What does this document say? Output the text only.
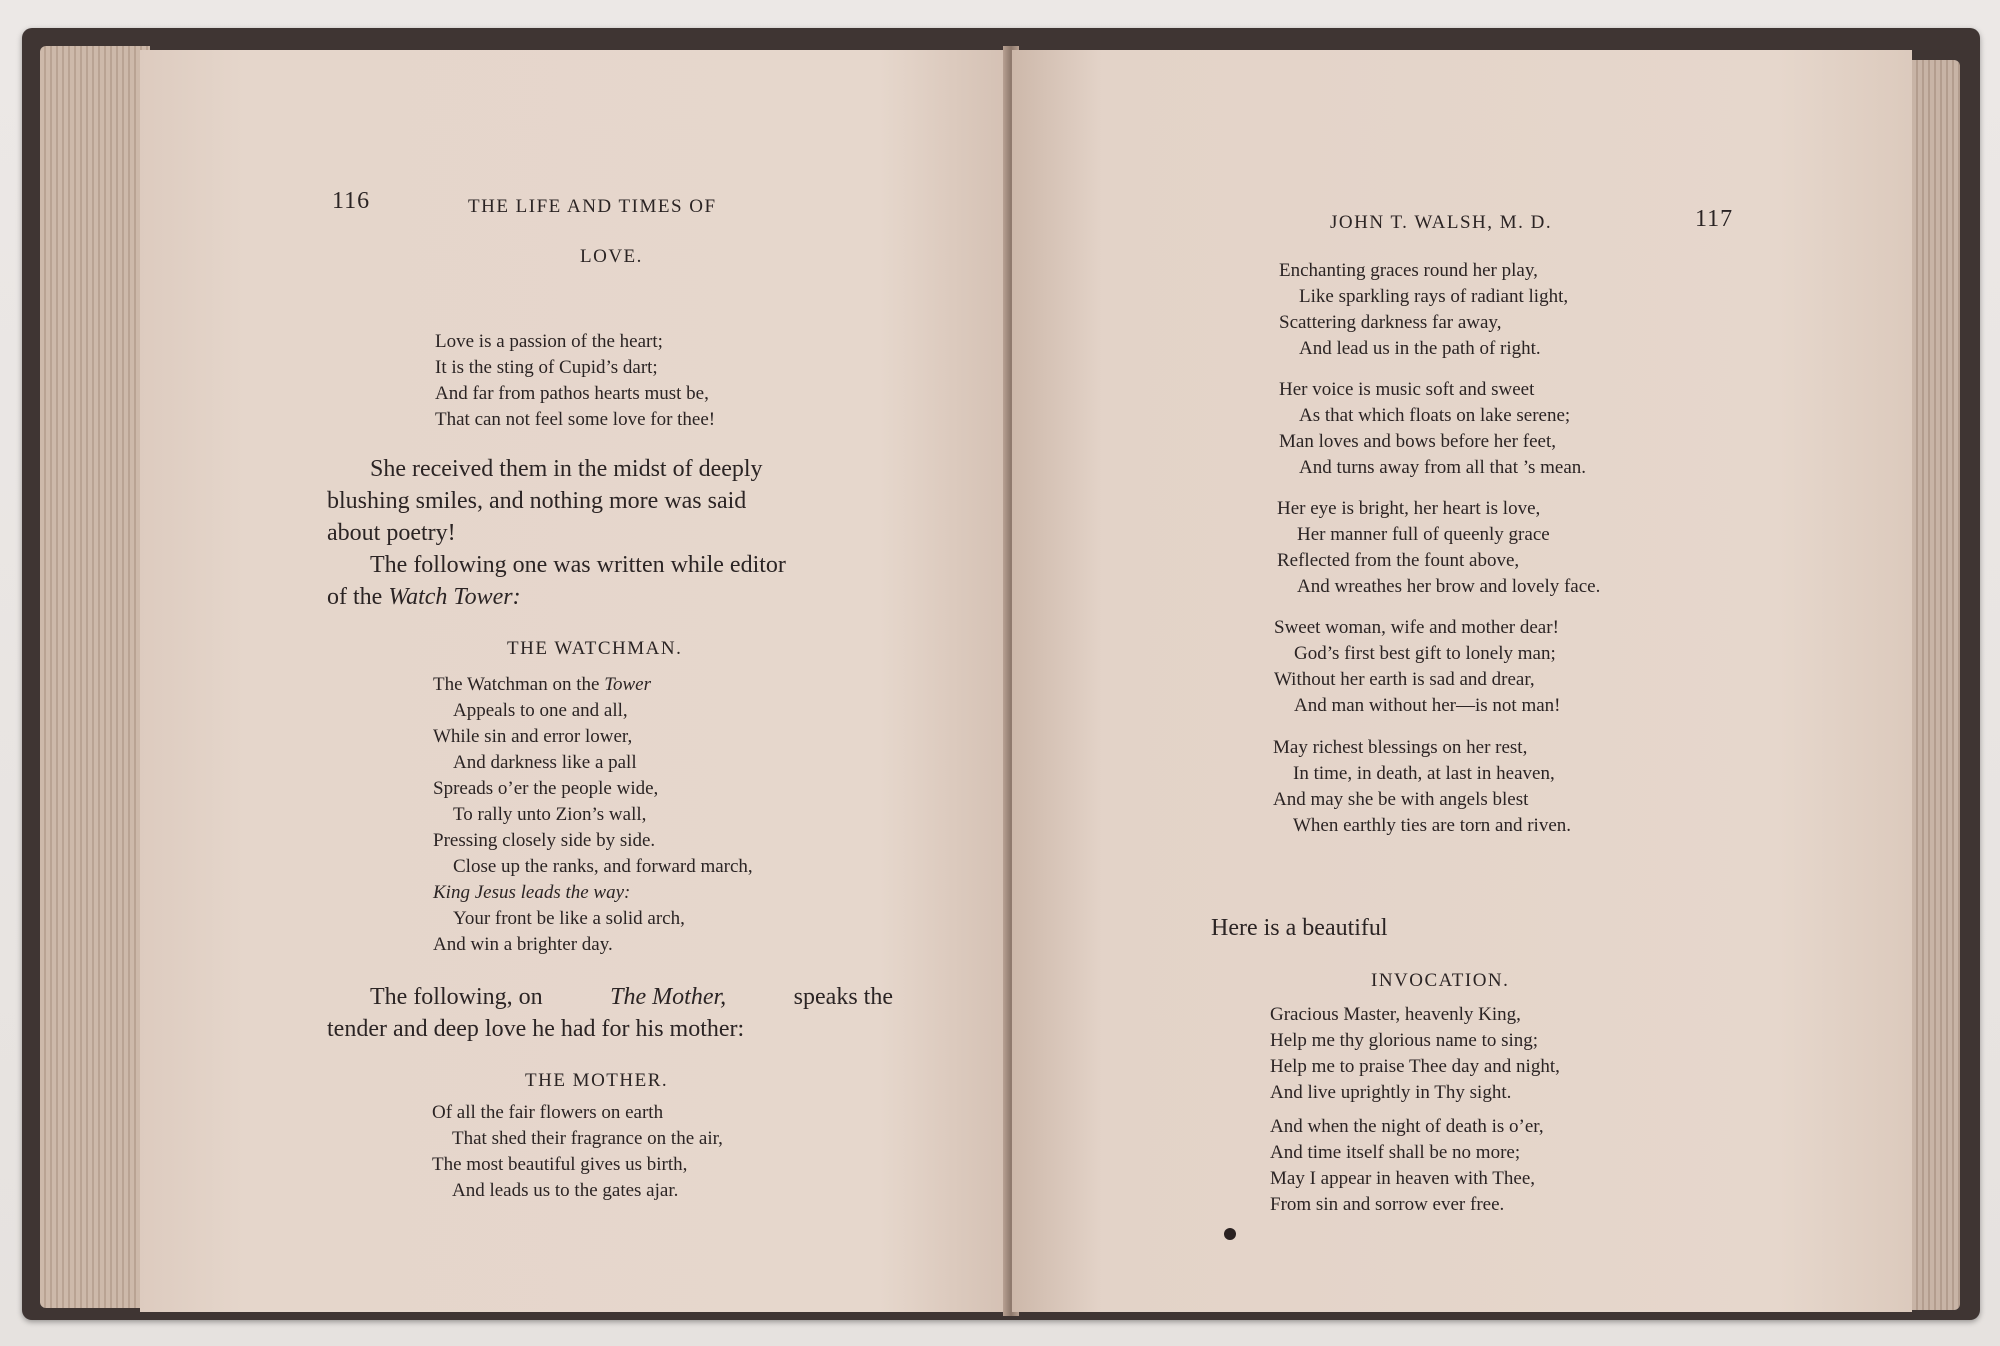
116	THE LIFE AND TIMES OF
LOVE.
Love is a passion of the heart;
It is the sting of Cupid’s dart;
And far from pathos hearts must be,
That can not feel some love for thee!
She received them in the midst of deeply
blushing smiles, and nothing more was said
about poetry!
The following one was written while editor
of the Watch Tower:
THE WATCHMAN.
The Watchman on the Tower
Appeals to one and all,
While sin and error lower,
And darkness like a pall
Spreads o’er the people wide,
To rally unto Zion’s wall,
Pressing closely side by side.
Close up the ranks, and forward march,
King Jesus leads the way:
Your front be like a solid arch,
And win a brighter day.
The following, on	The Mother,	speaks the
tender and deep love he had for his mother:
THE MOTHER.
Of all the fair flowers on earth
That shed their fragrance on the air,
The most beautiful gives us birth,
And leads us to the gates ajar.
JOHN T. WALSH, M. D.	117
Enchanting graces round her play,
Like sparkling rays of radiant light,
Scattering darkness far away,
And lead us in the path of right.
Her voice is music soft and sweet
As that which floats on lake serene;
Man loves and bows before her feet,
And turns away from all that ’s mean.
Her eye is bright, her heart is love,
Her manner full of queenly grace
Reflected from the fount above,
And wreathes her brow and lovely face.
Sweet woman, wife and mother dear!
God’s first best gift to lonely man;
Without her earth is sad and drear,
And man without her—is not man!
May richest blessings on her rest,
In time, in death, at last in heaven,
And may she be with angels blest
When earthly ties are torn and riven.
Here is a beautiful
INVOCATION.
Gracious Master, heavenly King,
Help me thy glorious name to sing;
Help me to praise Thee day and night,
And live uprightly in Thy sight.
And when the night of death is o’er,
And time itself shall be no more;
May I appear in heaven with Thee,
From sin and sorrow ever free.
